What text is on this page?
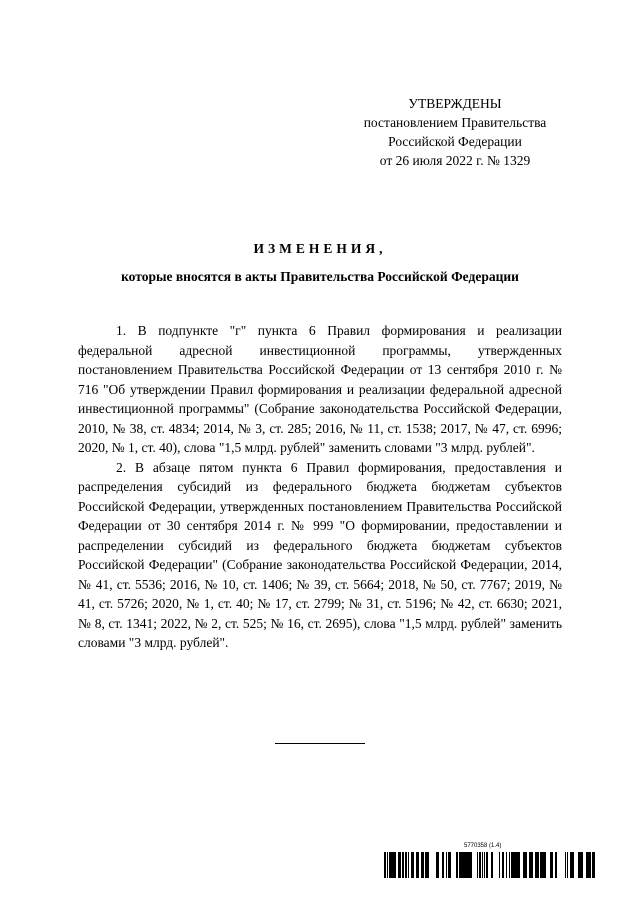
УТВЕРЖДЕНЫ
постановлением Правительства
Российской Федерации
от 26 июля 2022 г. № 1329
ИЗМЕНЕНИЯ,
которые вносятся в акты Правительства Российской Федерации

1. В подпункте "г" пункта 6 Правил формирования и реализации федеральной адресной инвестиционной программы, утвержденных постановлением Правительства Российской Федерации от 13 сентября 2010 г. № 716 "Об утверждении Правил формирования и реализации федеральной адресной инвестиционной программы" (Собрание законодательства Российской Федерации, 2010, № 38, ст. 4834; 2014, № 3, ст. 285; 2016, № 11, ст. 1538; 2017, № 47, ст. 6996; 2020, № 1, ст. 40), слова "1,5 млрд. рублей" заменить словами "3 млрд. рублей".

2. В абзаце пятом пункта 6 Правил формирования, предоставления и распределения субсидий из федерального бюджета бюджетам субъектов Российской Федерации, утвержденных постановлением Правительства Российской Федерации от 30 сентября 2014 г. № 999 "О формировании, предоставлении и распределении субсидий из федерального бюджета бюджетам субъектов Российской Федерации" (Собрание законодательства Российской Федерации, 2014, № 41, ст. 5536; 2016, № 10, ст. 1406; № 39, ст. 5664; 2018, № 50, ст. 7767; 2019, № 41, ст. 5726; 2020, № 1, ст. 40; № 17, ст. 2799; № 31, ст. 5196; № 42, ст. 6630; 2021, № 8, ст. 1341; 2022, № 2, ст. 525; № 16, ст. 2695), слова "1,5 млрд. рублей" заменить словами "3 млрд. рублей".

5770358 (1.4)
